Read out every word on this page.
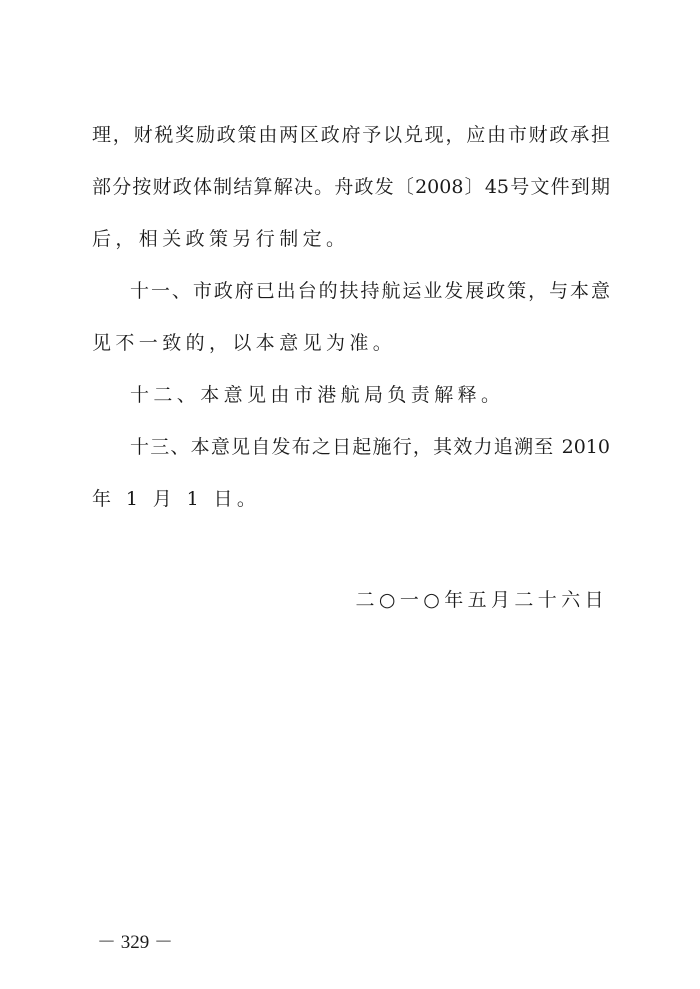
理，财税奖励政策由两区政府予以兑现，应由市财政承担
部分按财政体制结算解决。舟政发〔2008〕45号文件到期
后，相关政策另行制定。
十一、市政府已出台的扶持航运业发展政策，与本意
见不一致的，以本意见为准。
十二、本意见由市港航局负责解释。
十三、本意见自发布之日起施行，其效力追溯至 2010
年 1 月 1 日。
二○一○年五月二十六日
－ 329 －
